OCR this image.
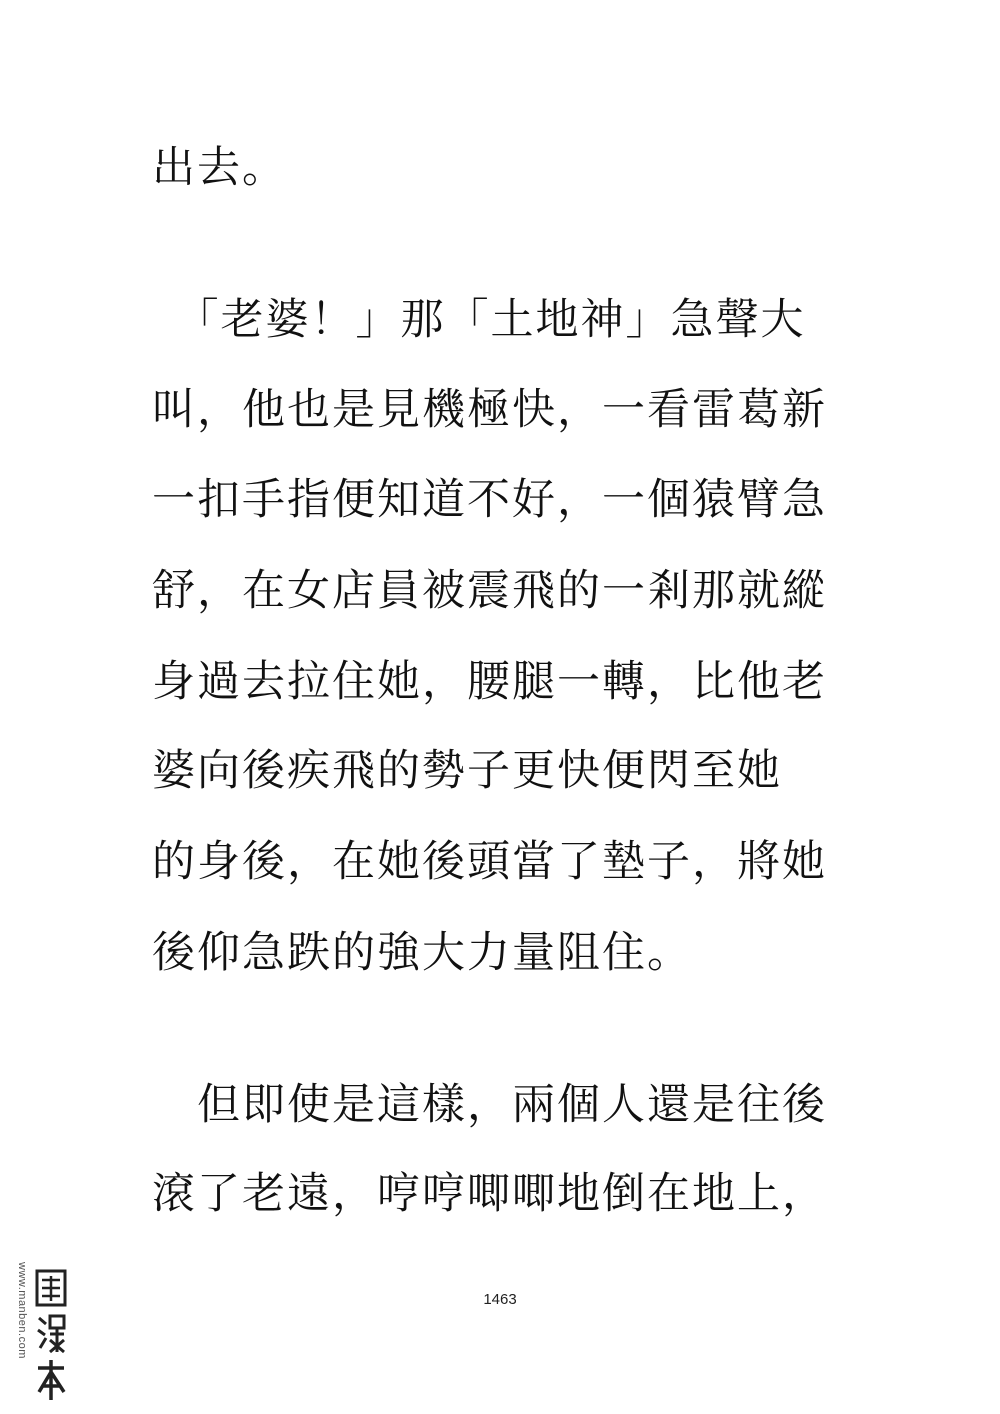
出去。
　「老婆！」那「土地神」急聲大
叫，他也是見機極快，一看雷葛新
一扣手指便知道不好，一個猿臂急
舒，在女店員被震飛的一剎那就縱
身過去拉住她，腰腿一轉，比他老
婆向後疾飛的勢子更快便閃至她
的身後，在她後頭當了墊子，將她
後仰急跌的強大力量阻住。
　但即使是這樣，兩個人還是往後
滾了老遠，哼哼唧唧地倒在地上，
1463
www.manben.com
